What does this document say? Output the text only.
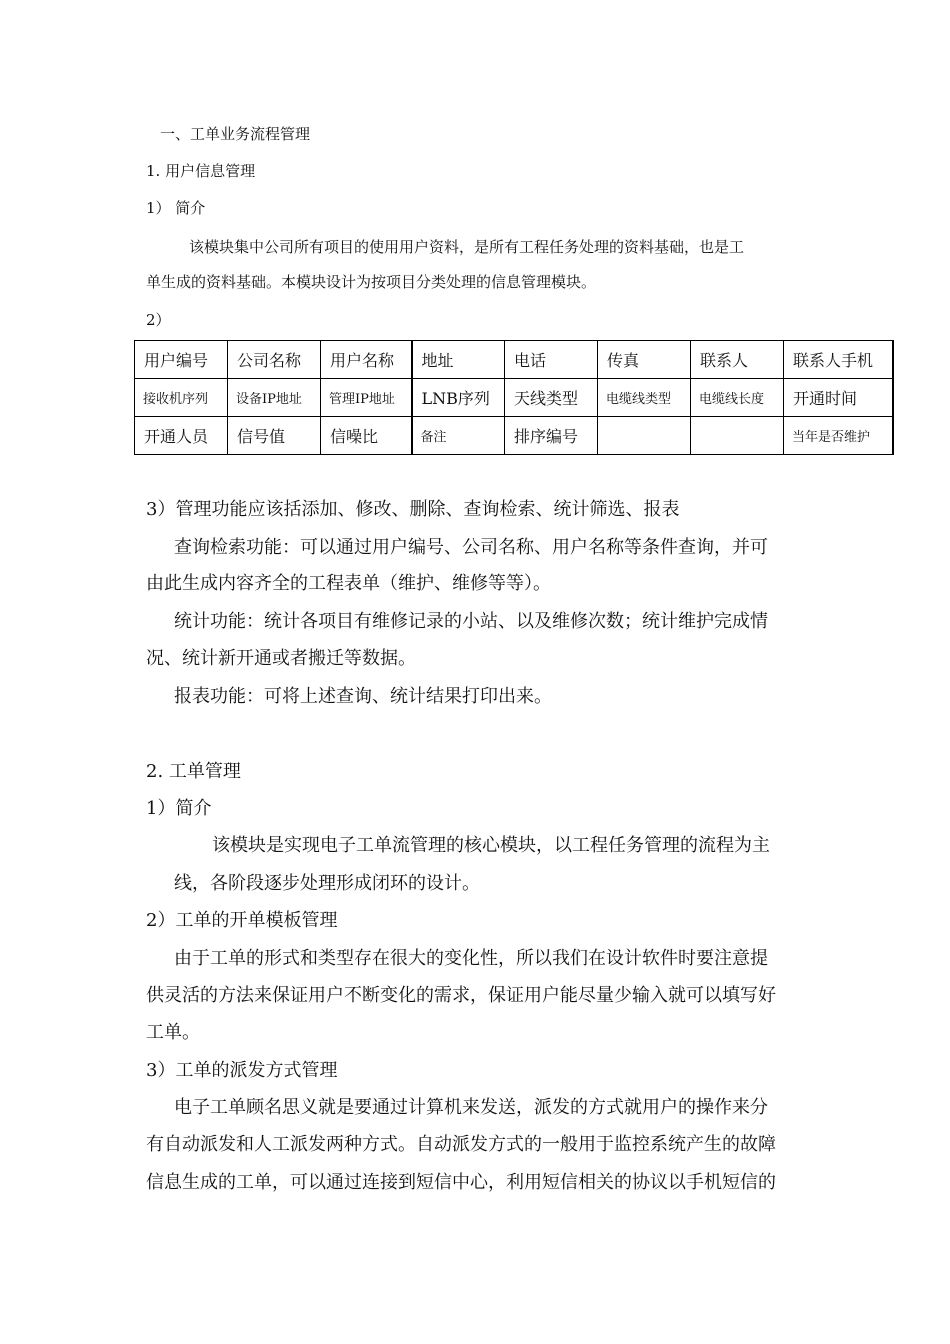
一、工单业务流程管理
1. 用户信息管理
1） 简介
该模块集中公司所有项目的使用用户资料，是所有工程任务处理的资料基础，也是工
单生成的资料基础。本模块设计为按项目分类处理的信息管理模块。
2）
用户编号	公司名称	用户名称	地址	电话	传真	联系人	联系人手机
接收机序列	设备IP地址	管理IP地址	LNB序列	天线类型	电缆线类型	电缆线长度	开通时间
开通人员	信号值	信噪比	备注	排序编号			当年是否维护
3）管理功能应该括添加、修改、删除、查询检索、统计筛选、报表
查询检索功能：可以通过用户编号、公司名称、用户名称等条件查询，并可
由此生成内容齐全的工程表单（维护、维修等等）。
统计功能：统计各项目有维修记录的小站、以及维修次数；统计维护完成情
况、统计新开通或者搬迁等数据。
报表功能：可将上述查询、统计结果打印出来。
2. 工单管理
1）简介
该模块是实现电子工单流管理的核心模块，以工程任务管理的流程为主
线，各阶段逐步处理形成闭环的设计。
2）工单的开单模板管理
由于工单的形式和类型存在很大的变化性，所以我们在设计软件时要注意提
供灵活的方法来保证用户不断变化的需求，保证用户能尽量少输入就可以填写好
工单。
3）工单的派发方式管理
电子工单顾名思义就是要通过计算机来发送，派发的方式就用户的操作来分
有自动派发和人工派发两种方式。自动派发方式的一般用于监控系统产生的故障
信息生成的工单，可以通过连接到短信中心，利用短信相关的协议以手机短信的
